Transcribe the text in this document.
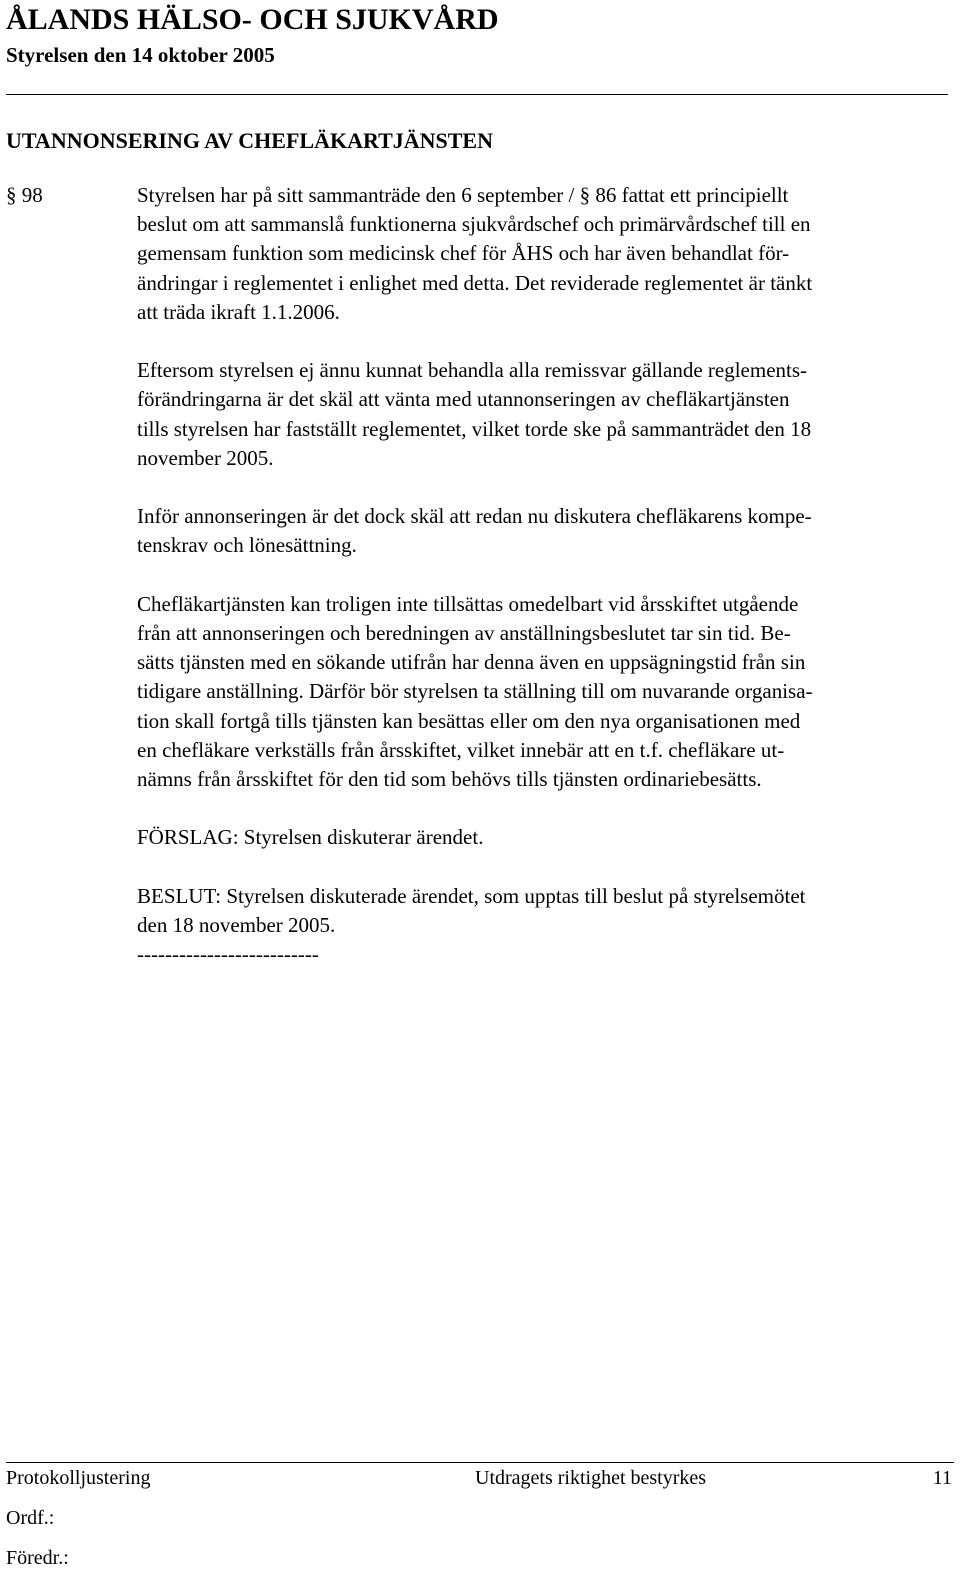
ÅLANDS HÄLSO- OCH SJUKVÅRD
Styrelsen den 14 oktober 2005
UTANNONSERING AV CHEFLÄKARTJÄNSTEN
§ 98	Styrelsen har på sitt sammanträde den 6 september / § 86 fattat ett principiellt
beslut om att sammanslå funktionerna sjukvårdschef och primärvårdschef till en
gemensam funktion som medicinsk chef för ÅHS och har även behandlat för-
ändringar i reglementet i enlighet med detta. Det reviderade reglementet är tänkt
att träda ikraft 1.1.2006.

Eftersom styrelsen ej ännu kunnat behandla alla remissvar gällande reglements-
förändringarna är det skäl att vänta med utannonseringen av chefläkartjänsten
tills styrelsen har fastställt reglementet, vilket torde ske på sammanträdet den 18
november 2005.

Inför annonseringen är det dock skäl att redan nu diskutera chefläkarens kompe-
tenskrav och lönesättning.

Chefläkartjänsten kan troligen inte tillsättas omedelbart vid årsskiftet utgående
från att annonseringen och beredningen av anställningsbeslutet tar sin tid. Be-
sätts tjänsten med en sökande utifrån har denna även en uppsägningstid från sin
tidigare anställning. Därför bör styrelsen ta ställning till om nuvarande organisa-
tion skall fortgå tills tjänsten kan besättas eller om den nya organisationen med
en chefläkare verkställs från årsskiftet, vilket innebär att en t.f. chefläkare ut-
nämns från årsskiftet för den tid som behövs tills tjänsten ordinariebesätts.

FÖRSLAG: Styrelsen diskuterar ärendet.

BESLUT: Styrelsen diskuterade ärendet, som upptas till beslut på styrelsemötet
den 18 november 2005.

--------------------------
Protokolljustering	Utdragets riktighet bestyrkes	11
Ordf.:
Föredr.:
